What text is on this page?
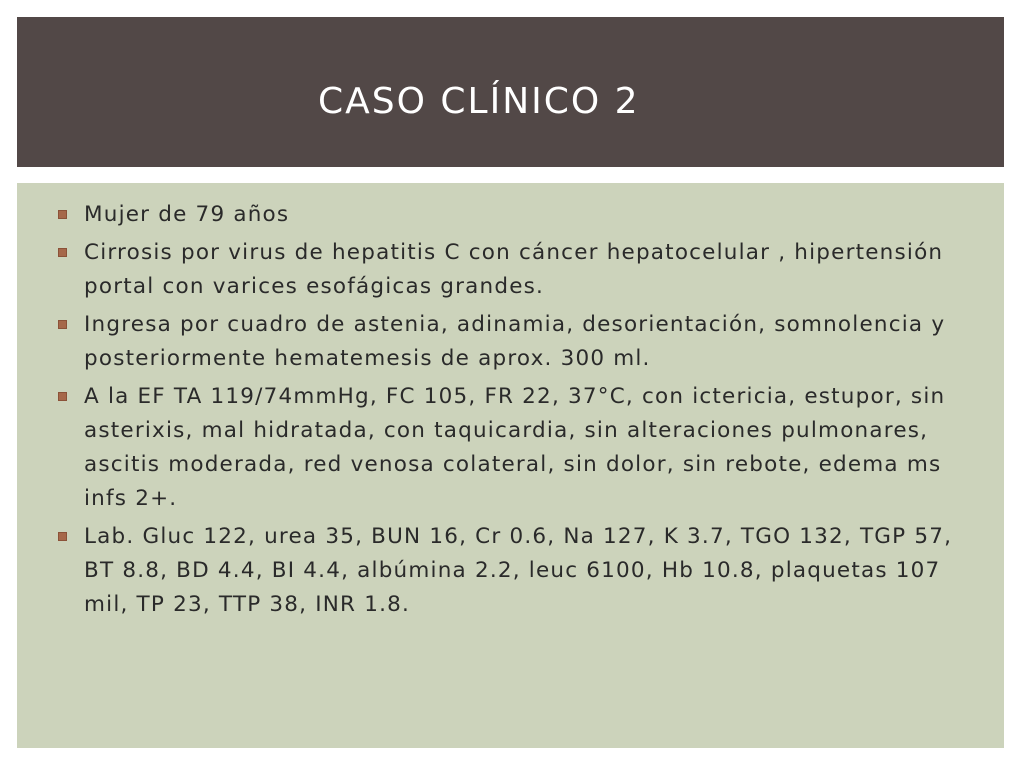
CASO CLÍNICO 2
Mujer de 79 años
Cirrosis por virus de hepatitis C con cáncer hepatocelular , hipertensión portal con varices esofágicas grandes.
Ingresa por cuadro de astenia, adinamia, desorientación, somnolencia y posteriormente hematemesis de aprox. 300 ml.
A la EF TA 119/74mmHg, FC 105, FR 22, 37°C, con ictericia, estupor, sin asterixis, mal hidratada, con taquicardia, sin alteraciones pulmonares, ascitis moderada, red venosa colateral, sin dolor, sin rebote, edema ms infs 2+.
Lab. Gluc 122, urea 35, BUN 16, Cr 0.6, Na 127, K 3.7, TGO 132, TGP 57, BT 8.8, BD 4.4, BI 4.4, albúmina 2.2, leuc 6100, Hb 10.8, plaquetas 107 mil, TP 23, TTP 38, INR 1.8.
